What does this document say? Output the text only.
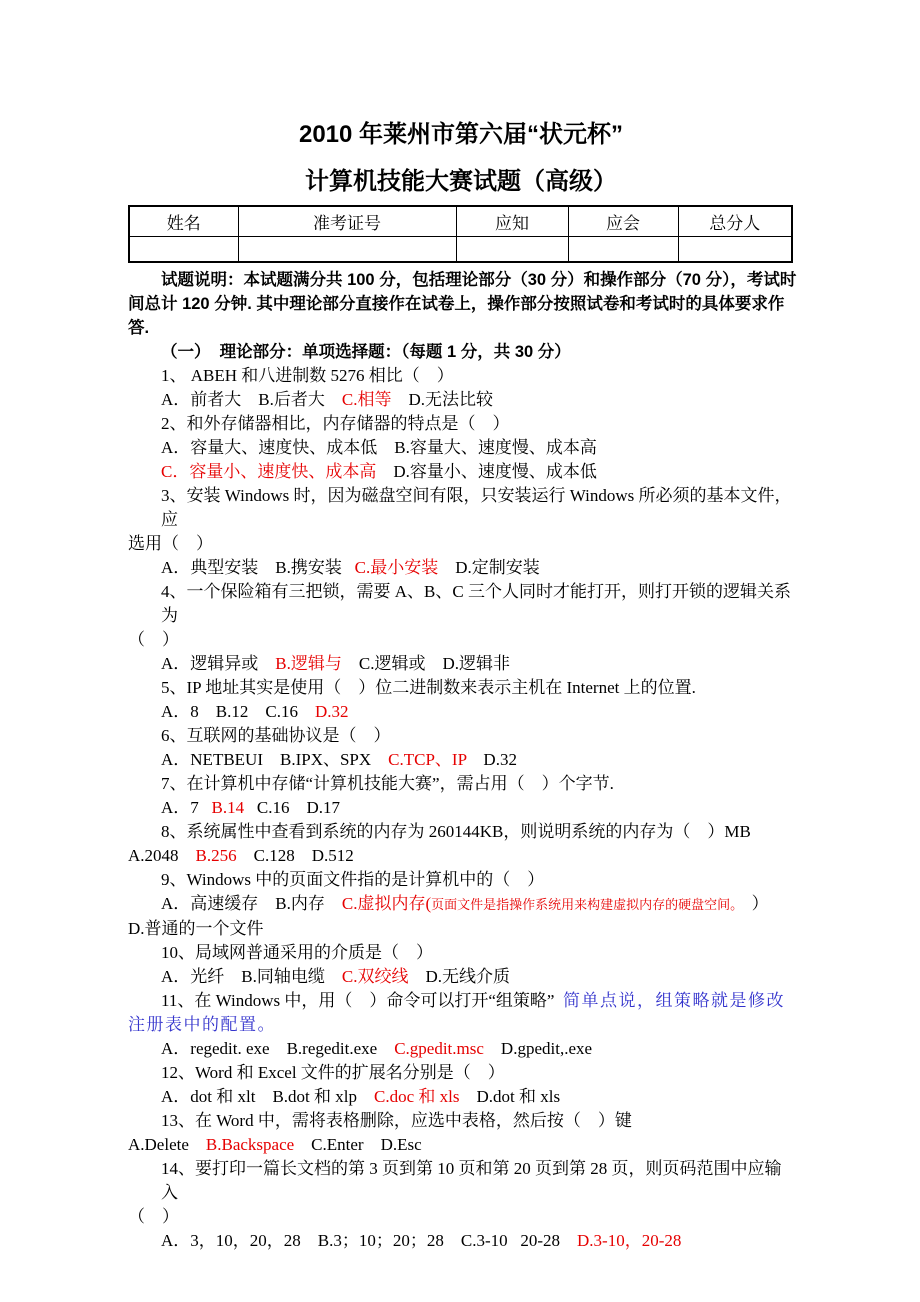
2010 年莱州市第六届“状元杯”
计算机技能大赛试题（高级）
姓名	准考证号	应知	应会	总分人

试题说明：本试题满分共 100 分，包括理论部分（30 分）和操作部分（70 分），考试时
间总计 120 分钟. 其中理论部分直接作在试卷上，操作部分按照试卷和考试时的具体要求作
答.
（一）  理论部分：单项选择题：（每题 1 分，共 30 分）
1、 ABEH 和八进制数 5276 相比（　）
A．前者大    B.后者大    C.相等    D.无法比较
2、和外存储器相比，内存储器的特点是（　）
A．容量大、速度快、成本低    B.容量大、速度慢、成本高
C．容量小、速度快、成本高    D.容量小、速度慢、成本低
3、安装 Windows 时，因为磁盘空间有限，只安装运行 Windows 所必须的基本文件，应
选用（　）
A．典型安装    B.携安装   C.最小安装    D.定制安装
4、一个保险箱有三把锁，需要 A、B、C 三个人同时才能打开，则打开锁的逻辑关系为
（　）
A．逻辑异或    B.逻辑与    C.逻辑或    D.逻辑非
5、IP 地址其实是使用（　）位二进制数来表示主机在 Internet 上的位置.
A．8    B.12    C.16    D.32
6、互联网的基础协议是（　）
A．NETBEUI    B.IPX、SPX    C.TCP、IP    D.32
7、在计算机中存储“计算机技能大赛”，需占用（　）个字节.
A．7   B.14   C.16    D.17
8、系统属性中查看到系统的内存为 260144KB，则说明系统的内存为（　）MB
A.2048    B.256    C.128    D.512
9、Windows 中的页面文件指的是计算机中的（　）
A．高速缓存    B.内存    C.虚拟内存(页面文件是指操作系统用来构建虚拟内存的硬盘空间。  ）
D.普通的一个文件
10、局域网普通采用的介质是（　）
A．光纤    B.同轴电缆    C.双绞线    D.无线介质
11、在 Windows 中，用（　）命令可以打开“组策略”  简单点说，组策略就是修改
注册表中的配置。
A．regedit. exe    B.regedit.exe    C.gpedit.msc    D.gpedit,.exe
12、Word 和 Excel 文件的扩展名分别是（　）
A．dot 和 xlt    B.dot 和 xlp    C.doc 和 xls    D.dot 和 xls
13、在 Word 中，需将表格删除，应选中表格，然后按（　）键
A.Delete    B.Backspace    C.Enter    D.Esc
14、要打印一篇长文档的第 3 页到第 10 页和第 20 页到第 28 页，则页码范围中应输入
（　）
A．3，10，20，28    B.3；10；20；28    C.3-10   20-28    D.3-10，20-28
